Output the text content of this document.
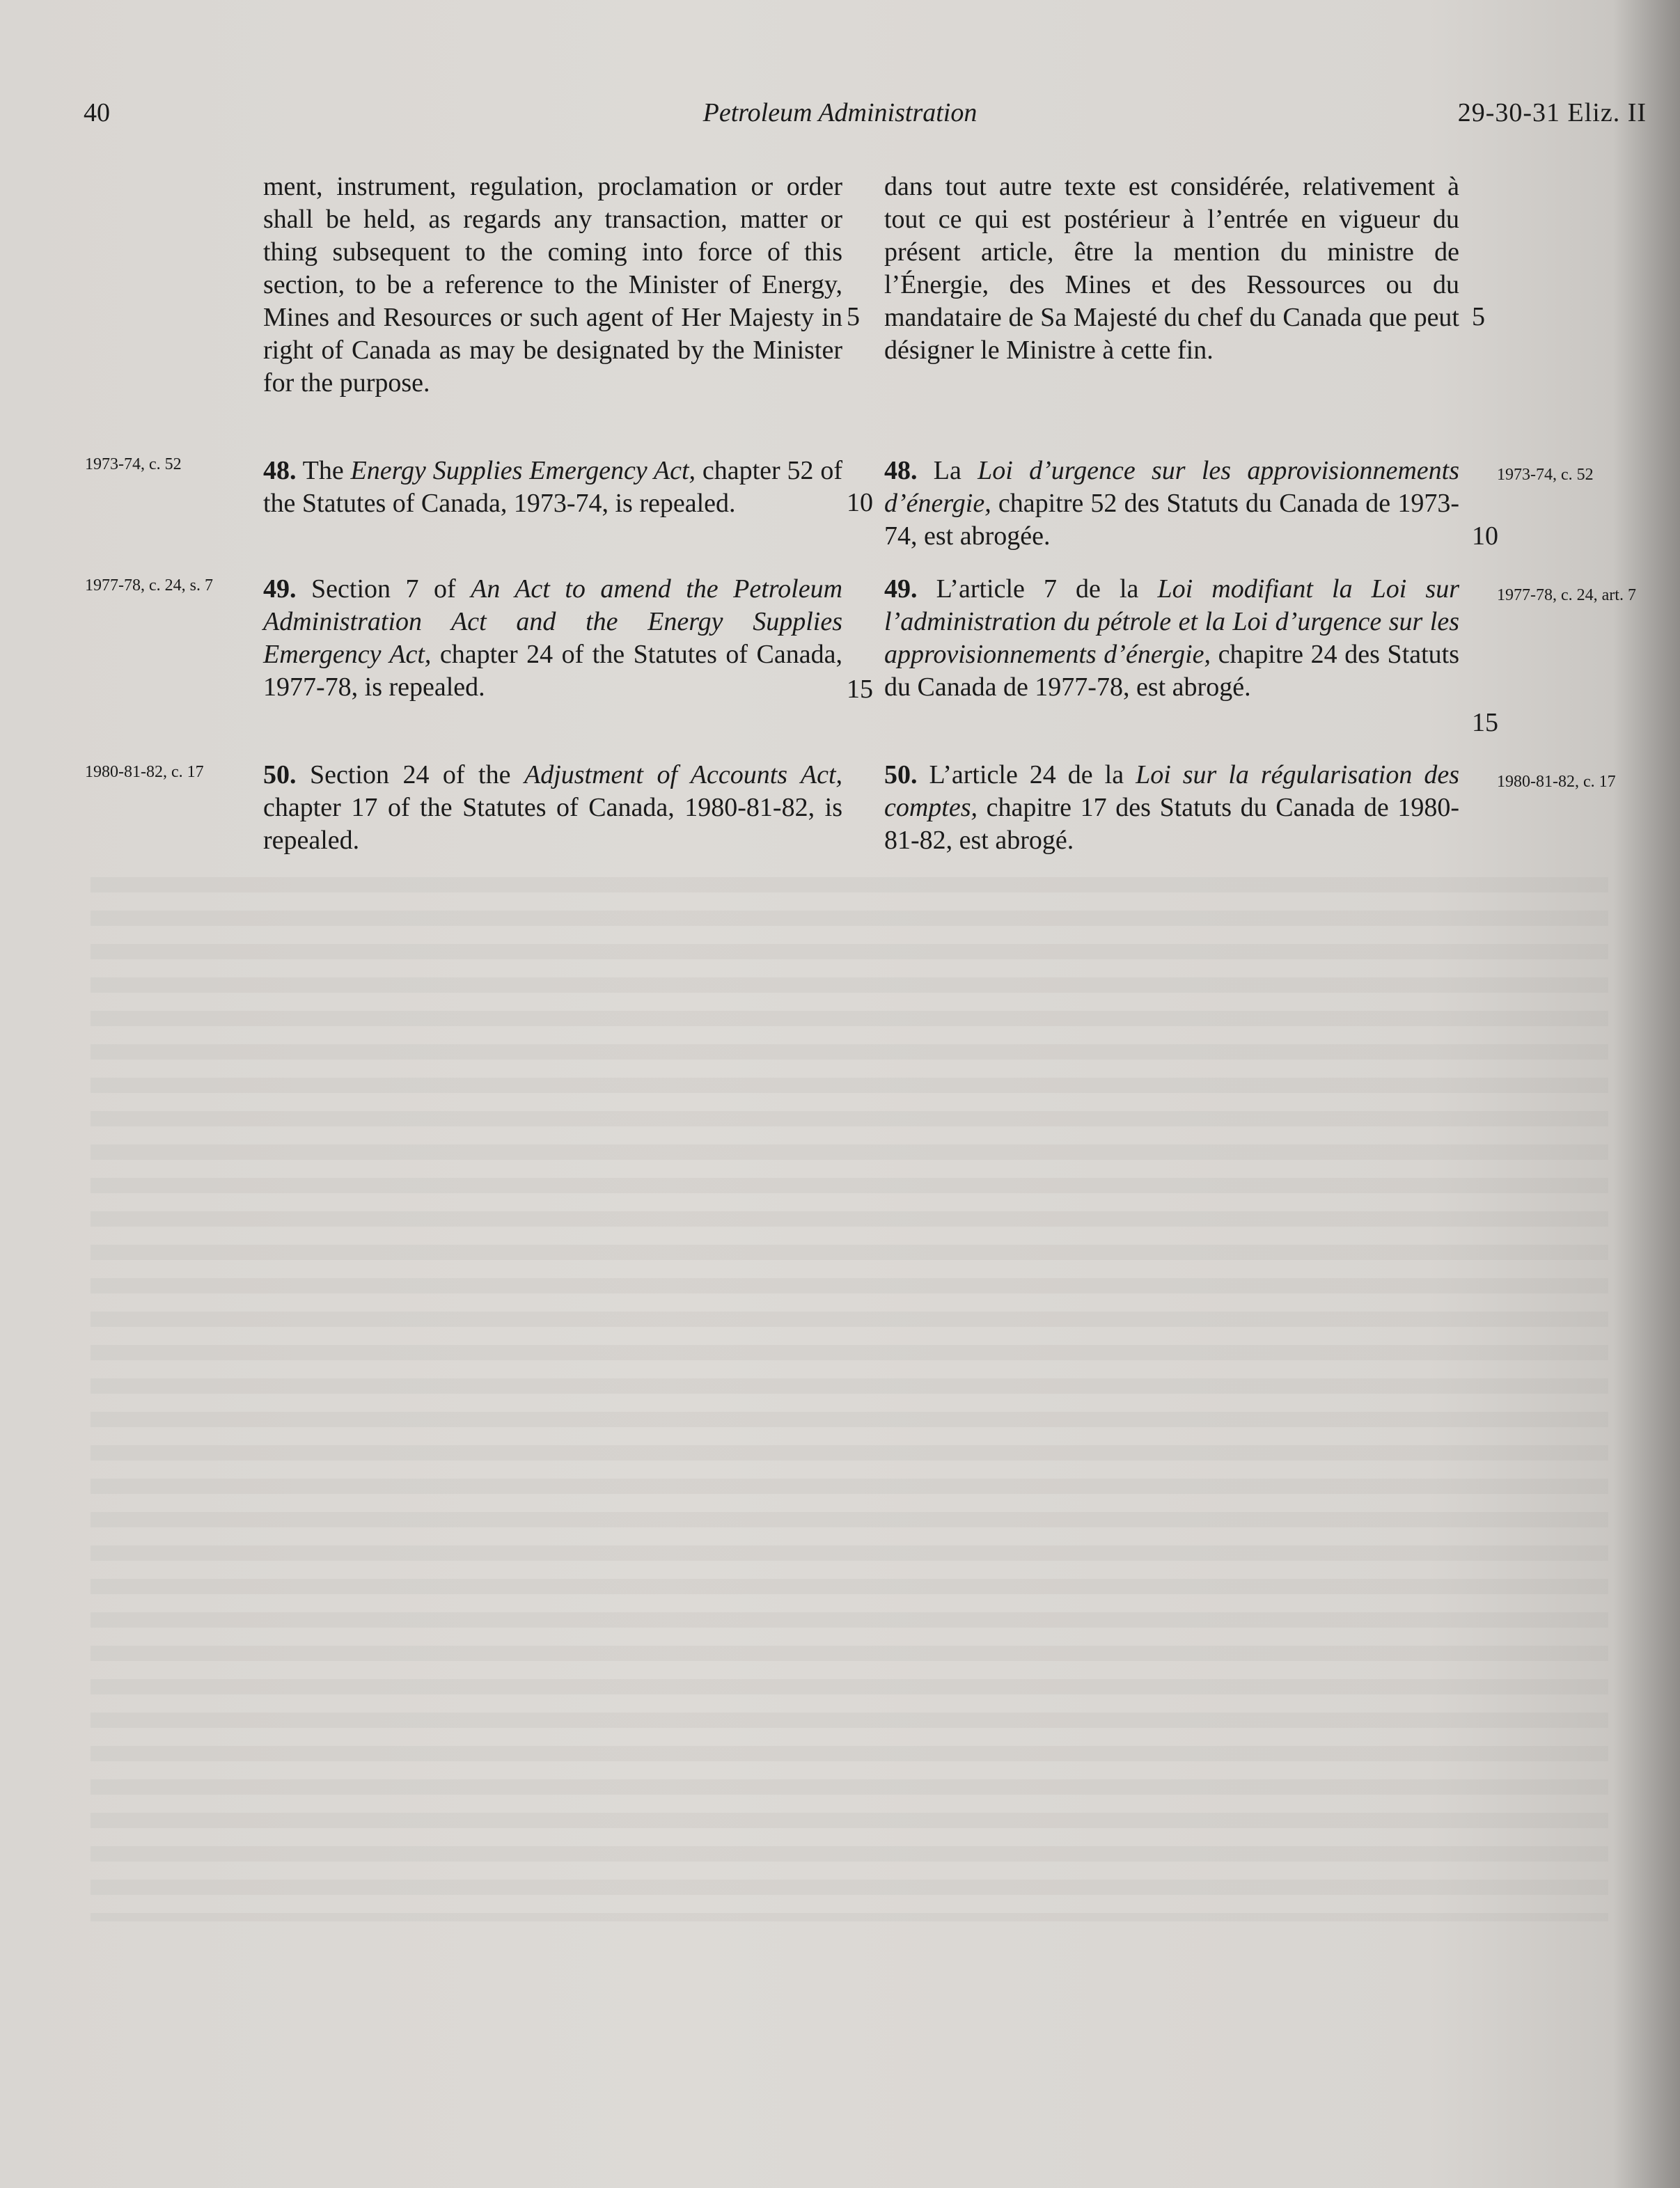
40	Petroleum Administration	29-30-31 Eliz. II

ment, instrument, regulation, proclamation or order shall be held, as regards any transaction, matter or thing subsequent to the coming into force of this section, to be a reference to the Minister of Energy, Mines and Resources or such agent of Her Majesty in right of Canada as may be designated by the Minister for the purpose.

48. The Energy Supplies Emergency Act, chapter 52 of the Statutes of Canada, 1973-74, is repealed.

49. Section 7 of An Act to amend the Petroleum Administration Act and the Energy Supplies Emergency Act, chapter 24 of the Statutes of Canada, 1977-78, is repealed.

50. Section 24 of the Adjustment of Accounts Act, chapter 17 of the Statutes of Canada, 1980-81-82, is repealed.

dans tout autre texte est considérée, relativement à tout ce qui est postérieur à l’entrée en vigueur du présent article, être la mention du ministre de l’Énergie, des Mines et des Ressources ou du mandataire de Sa Majesté du chef du Canada que peut désigner le Ministre à cette fin.

48. La Loi d’urgence sur les approvisionnements d’énergie, chapitre 52 des Statuts du Canada de 1973-74, est abrogée.

49. L’article 7 de la Loi modifiant la Loi sur l’administration du pétrole et la Loi d’urgence sur les approvisionnements d’énergie, chapitre 24 des Statuts du Canada de 1977-78, est abrogé.

50. L’article 24 de la Loi sur la régularisation des comptes, chapitre 17 des Statuts du Canada de 1980-81-82, est abrogé.

1973-74, c. 52
1977-78, c. 24, s. 7
1980-81-82, c. 17
1973-74, c. 52
1977-78, c. 24, art. 7
1980-81-82, c. 17
5
10
15
5
10
15
